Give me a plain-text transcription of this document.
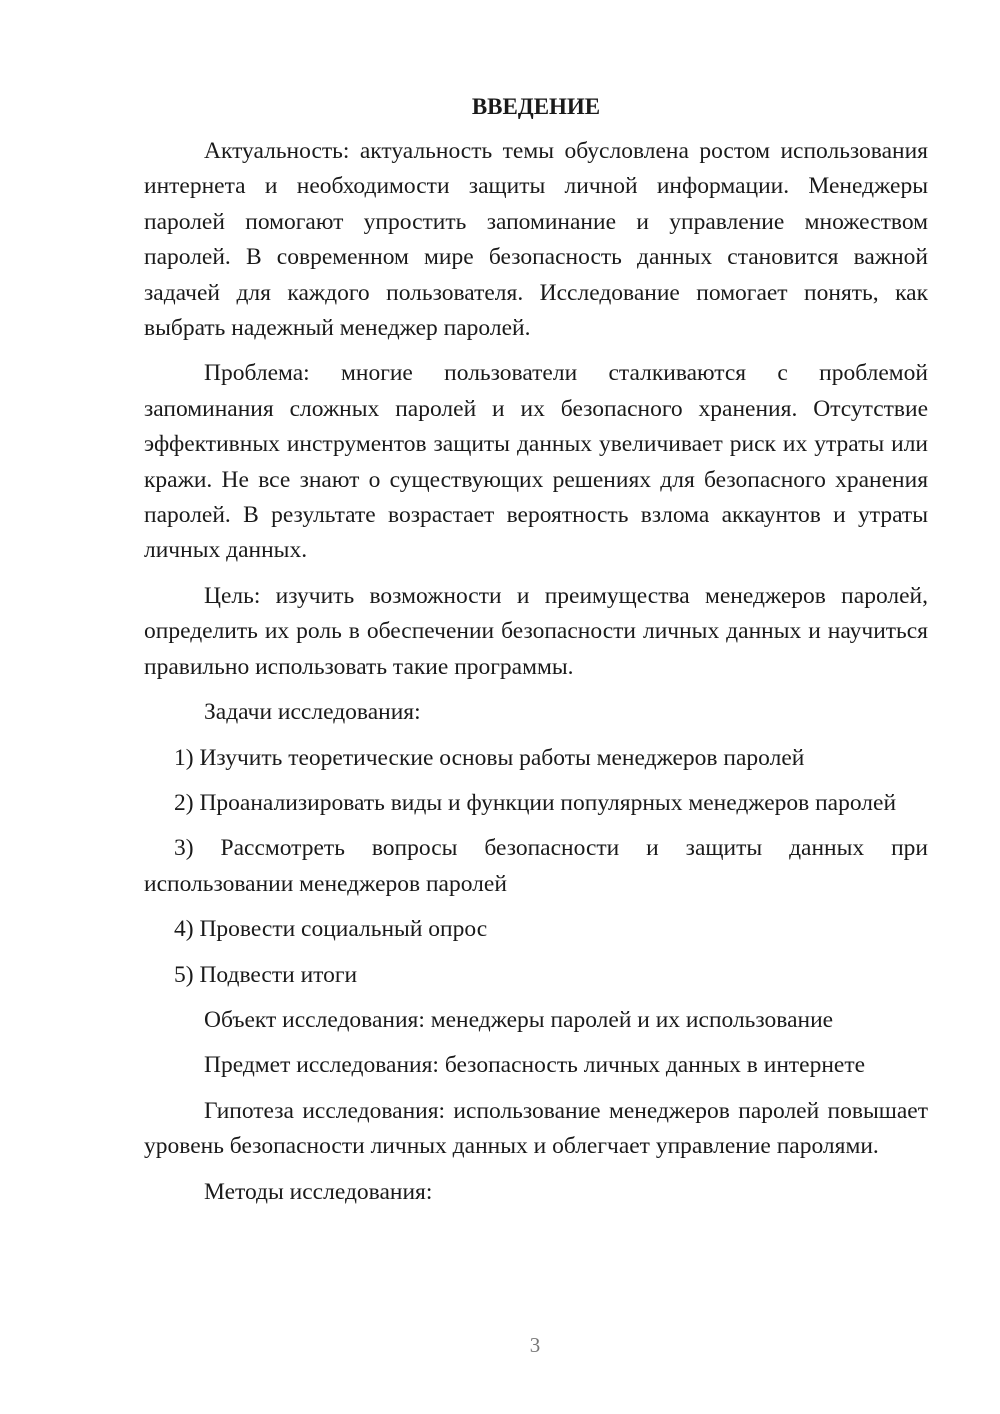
ВВЕДЕНИЕ

Актуальность: актуальность темы обусловлена ростом использования интернета и необходимости защиты личной информации. Менеджеры паролей помогают упростить запоминание и управление множеством паролей. В современном мире безопасность данных становится важной задачей для каждого пользователя. Исследование помогает понять, как выбрать надежный менеджер паролей.

Проблема: многие пользователи сталкиваются с проблемой запоминания сложных паролей и их безопасного хранения. Отсутствие эффективных инструментов защиты данных увеличивает риск их утраты или кражи. Не все знают о существующих решениях для безопасного хранения паролей. В результате возрастает вероятность взлома аккаунтов и утраты личных данных.

Цель: изучить возможности и преимущества менеджеров паролей, определить их роль в обеспечении безопасности личных данных и научиться правильно использовать такие программы.

Задачи исследования:

1) Изучить теоретические основы работы менеджеров паролей

2) Проанализировать виды и функции популярных менеджеров паролей

3) Рассмотреть вопросы безопасности и защиты данных при использовании менеджеров паролей

4) Провести социальный опрос

5) Подвести итоги

Объект исследования: менеджеры паролей и их использование

Предмет исследования: безопасность личных данных в интернете

Гипотеза исследования: использование менеджеров паролей повышает уровень безопасности личных данных и облегчает управление паролями.

Методы исследования:

3
